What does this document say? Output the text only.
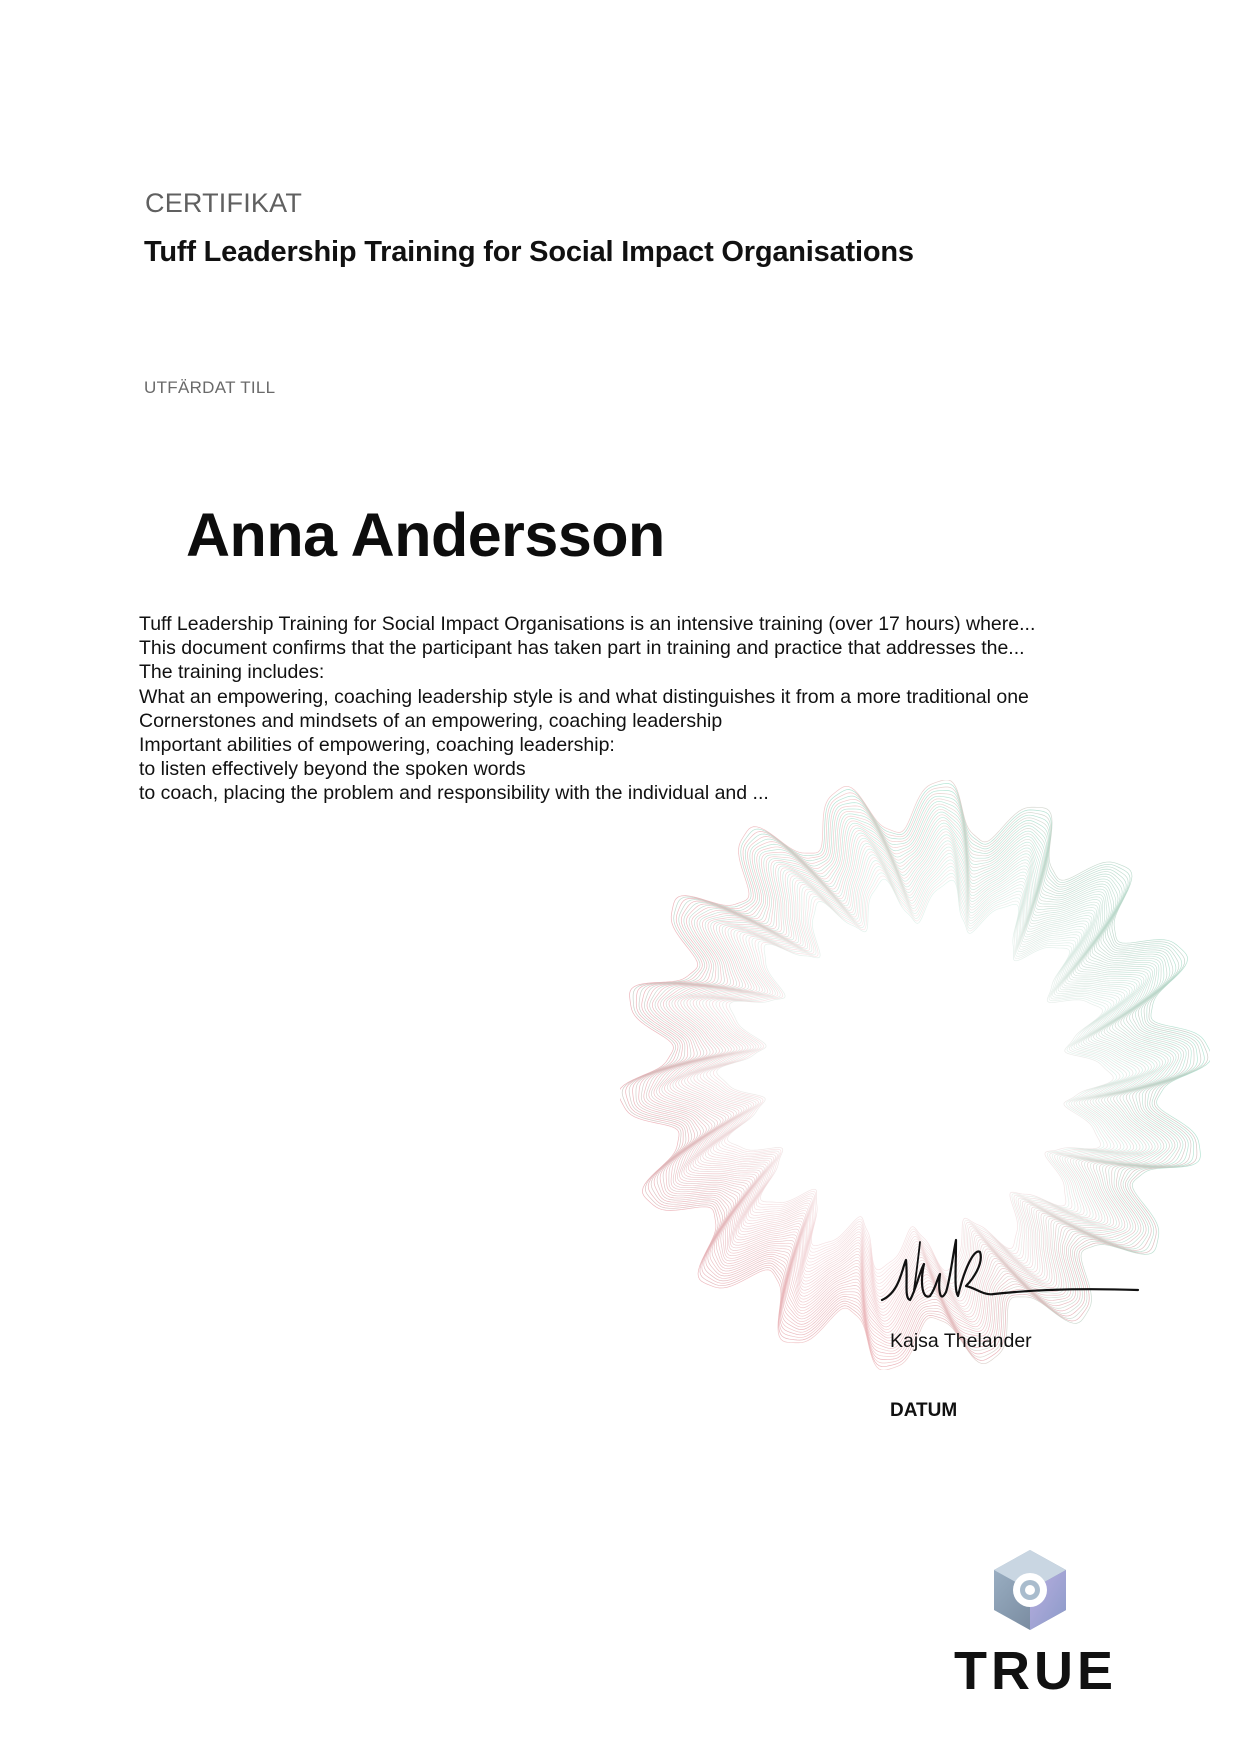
CERTIFIKAT
Tuff Leadership Training for Social Impact Organisations
UTFÄRDAT TILL
Anna Andersson
Tuff Leadership Training for Social Impact Organisations is an intensive training (over 17 hours) where...
This document confirms that the participant has taken part in training and practice that addresses the...
The training includes:
What an empowering, coaching leadership style is and what distinguishes it from a more traditional one
Cornerstones and mindsets of an empowering, coaching leadership
Important abilities of empowering, coaching leadership:
to listen effectively beyond the spoken words
to coach, placing the problem and responsibility with the individual and ...
Kajsa Thelander
DATUM
TRUE
